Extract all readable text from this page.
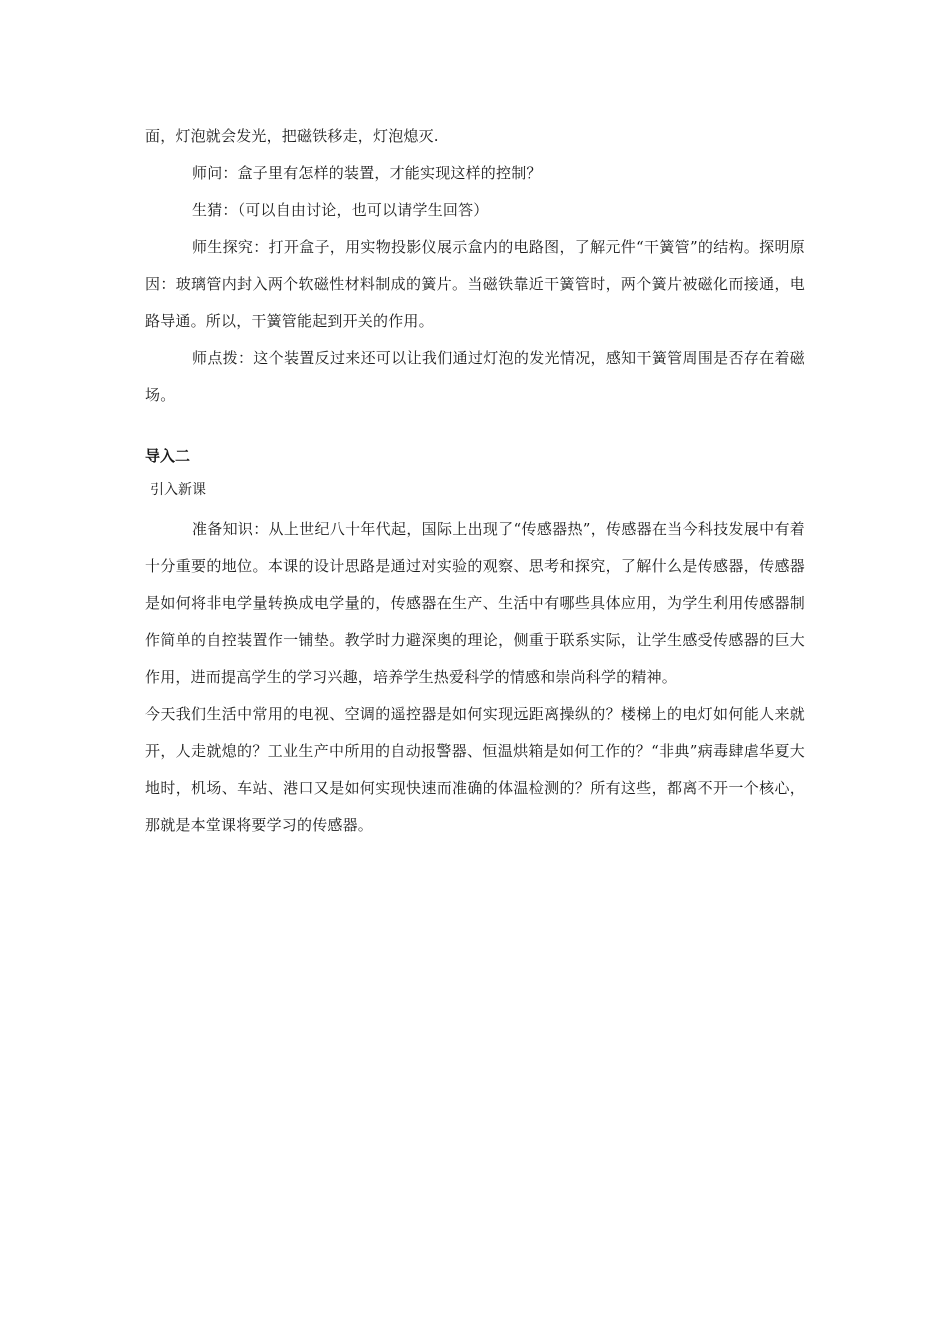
面，灯泡就会发光，把磁铁移走，灯泡熄灭.

师问：盒子里有怎样的装置，才能实现这样的控制？

生猜：（可以自由讨论，也可以请学生回答）

师生探究：打开盒子，用实物投影仪展示盒内的电路图，了解元件“干簧管”的结构。探明原因：玻璃管内封入两个软磁性材料制成的簧片。当磁铁靠近干簧管时，两个簧片被磁化而接通，电路导通。所以，干簧管能起到开关的作用。

师点拨：这个装置反过来还可以让我们通过灯泡的发光情况，感知干簧管周围是否存在着磁场。

导入二

引入新课

准备知识：从上世纪八十年代起，国际上出现了“传感器热”，传感器在当今科技发展中有着十分重要的地位。本课的设计思路是通过对实验的观察、思考和探究，了解什么是传感器，传感器是如何将非电学量转换成电学量的，传感器在生产、生活中有哪些具体应用，为学生利用传感器制作简单的自控装置作一铺垫。教学时力避深奥的理论，侧重于联系实际，让学生感受传感器的巨大作用，进而提高学生的学习兴趣，培养学生热爱科学的情感和崇尚科学的精神。

今天我们生活中常用的电视、空调的遥控器是如何实现远距离操纵的？楼梯上的电灯如何能人来就开，人走就熄的？工业生产中所用的自动报警器、恒温烘箱是如何工作的？“非典”病毒肆虐华夏大地时，机场、车站、港口又是如何实现快速而准确的体温检测的？所有这些，都离不开一个核心，那就是本堂课将要学习的传感器。
